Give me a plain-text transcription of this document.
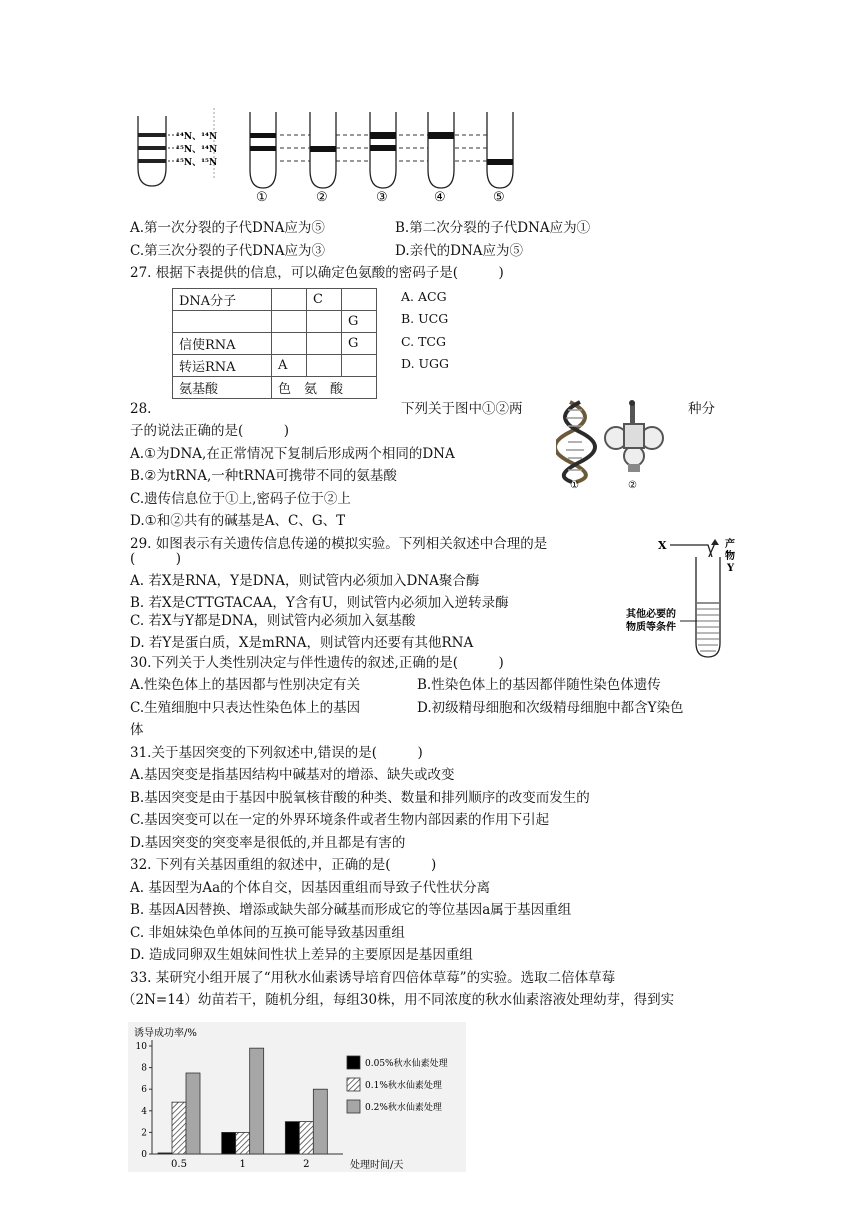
¹⁴N、¹⁴N
¹⁵N、¹⁴N
¹⁵N、¹⁵N
①	②	③	④	⑤
A.第一次分裂的子代DNA应为⑤	B.第二次分裂的子代DNA应为①
C.第三次分裂的子代DNA应为③	D.亲代的DNA应为⑤
27. 根据下表提供的信息，可以确定色氨酸的密码子是(　　　)
DNA分子		C	
			G
信使RNA			G
转运RNA	A		
氨基酸	色　氨　酸		
A. ACG
B. UCG
C. TCG
D. UGG
28.	下列关于图中①②两	种分
子的说法正确的是(　　　)
A.①为DNA,在正常情况下复制后形成两个相同的DNA
B.②为tRNA,一种tRNA可携带不同的氨基酸
C.遗传信息位于①上,密码子位于②上
D.①和②共有的碱基是A、C、G、T
①	②
29. 如图表示有关遗传信息传递的模拟实验。下列相关叙述中合理的是
(　　　)
A. 若X是RNA，Y是DNA，则试管内必须加入DNA聚合酶
B. 若X是CTTGTACAA，Y含有U，则试管内必须加入逆转录酶
C. 若X与Y都是DNA，则试管内必须加入氨基酸
D. 若Y是蛋白质，X是mRNA，则试管内还要有其他RNA
X	产
物
Y
其他必要的
物质等条件
30.下列关于人类性别决定与伴性遗传的叙述,正确的是(　　　)
A.性染色体上的基因都与性别决定有关	B.性染色体上的基因都伴随性染色体遗传
C.生殖细胞中只表达性染色体上的基因	D.初级精母细胞和次级精母细胞中都含Y染色
体
31.关于基因突变的下列叙述中,错误的是(　　　)
A.基因突变是指基因结构中碱基对的增添、缺失或改变
B.基因突变是由于基因中脱氧核苷酸的种类、数量和排列顺序的改变而发生的
C.基因突变可以在一定的外界环境条件或者生物内部因素的作用下引起
D.基因突变的突变率是很低的,并且都是有害的
32. 下列有关基因重组的叙述中，正确的是(　　　)
A. 基因型为Aa的个体自交，因基因重组而导致子代性状分离
B. 基因A因替换、增添或缺失部分碱基而形成它的等位基因a属于基因重组
C. 非姐妹染色单体间的互换可能导致基因重组
D. 造成同卵双生姐妹间性状上差异的主要原因是基因重组
33. 某研究小组开展了“用秋水仙素诱导培育四倍体草莓”的实验。选取二倍体草莓
（2N=14）幼苗若干，随机分组，每组30株，用不同浓度的秋水仙素溶液处理幼芽，得到实
诱导成功率/%
处理时间/天
0
2
4
6
8
10
0.5	1	2
0.05%秋水仙素处理
0.1%秋水仙素处理
0.2%秋水仙素处理
